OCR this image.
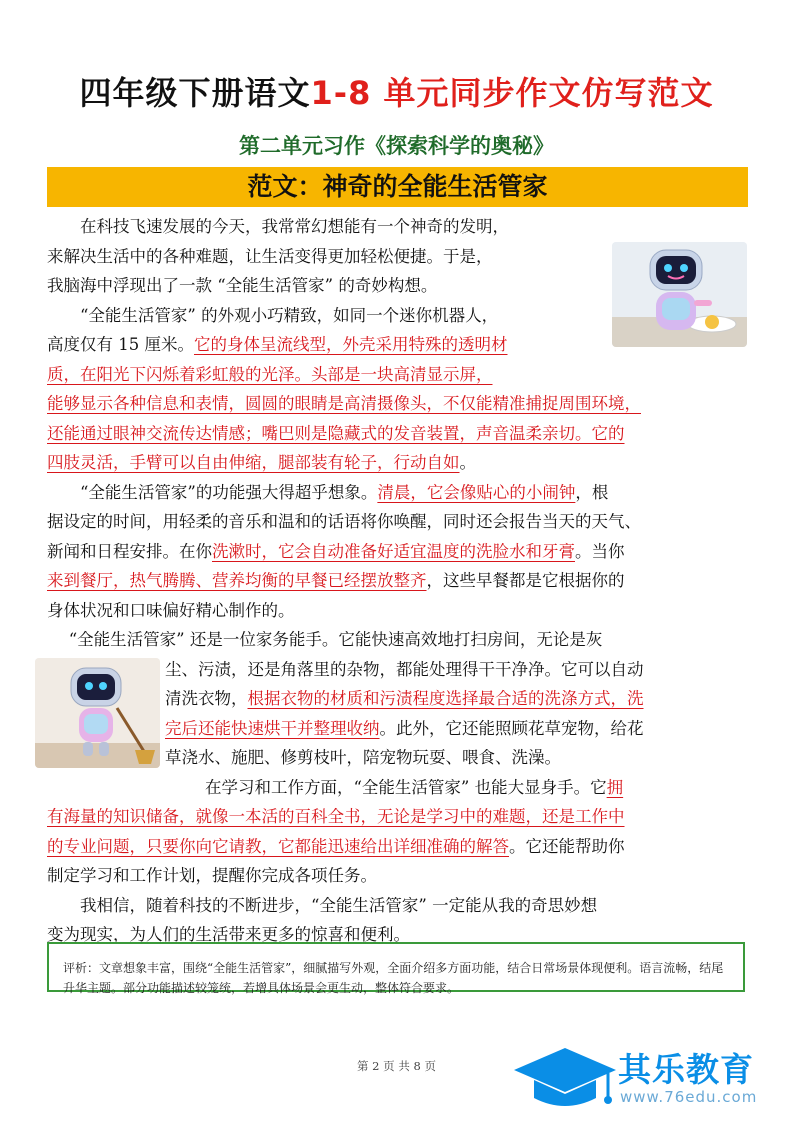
四年级下册语文1-8 单元同步作文仿写范文
第二单元习作《探索科学的奥秘》
范文：神奇的全能生活管家
　　在科技飞速发展的今天，我常常幻想能有一个神奇的发明，
来解决生活中的各种难题，让生活变得更加轻松便捷。于是，
我脑海中浮现出了一款 “全能生活管家” 的奇妙构想。
　　“全能生活管家” 的外观小巧精致，如同一个迷你机器人，
高度仅有 15 厘米。它的身体呈流线型，外壳采用特殊的透明材
质，在阳光下闪烁着彩虹般的光泽。头部是一块高清显示屏，
能够显示各种信息和表情，圆圆的眼睛是高清摄像头，不仅能精准捕捉周围环境，
还能通过眼神交流传达情感；嘴巴则是隐藏式的发音装置，声音温柔亲切。它的
四肢灵活，手臂可以自由伸缩，腿部装有轮子，行动自如。
　　“全能生活管家”的功能强大得超乎想象。清晨，它会像贴心的小闹钟，根
据设定的时间，用轻柔的音乐和温和的话语将你唤醒，同时还会报告当天的天气、
新闻和日程安排。在你洗漱时，它会自动准备好适宜温度的洗脸水和牙膏。当你
来到餐厅，热气腾腾、营养均衡的早餐已经摆放整齐，这些早餐都是它根据你的
身体状况和口味偏好精心制作的。
　 “全能生活管家” 还是一位家务能手。它能快速高效地打扫房间，无论是灰
尘、污渍，还是角落里的杂物，都能处理得干干净净。它可以自动
清洗衣物，根据衣物的材质和污渍程度选择最合适的洗涤方式，洗
完后还能快速烘干并整理收纳。此外，它还能照顾花草宠物，给花
草浇水、施肥、修剪枝叶，陪宠物玩耍、喂食、洗澡。
在学习和工作方面，“全能生活管家” 也能大显身手。它拥
有海量的知识储备，就像一本活的百科全书，无论是学习中的难题，还是工作中
的专业问题，只要你向它请教，它都能迅速给出详细准确的解答。它还能帮助你
制定学习和工作计划，提醒你完成各项任务。
　　我相信，随着科技的不断进步，“全能生活管家” 一定能从我的奇思妙想
变为现实，为人们的生活带来更多的惊喜和便利。
评析：文章想象丰富，围绕“全能生活管家”，细腻描写外观，全面介绍多方面功能，结合日常场景体现便利。语言流畅，结尾升华主题。部分功能描述较笼统，若增具体场景会更生动，整体符合要求。
第 2 页 共 8 页	其乐教育
www.76edu.com
